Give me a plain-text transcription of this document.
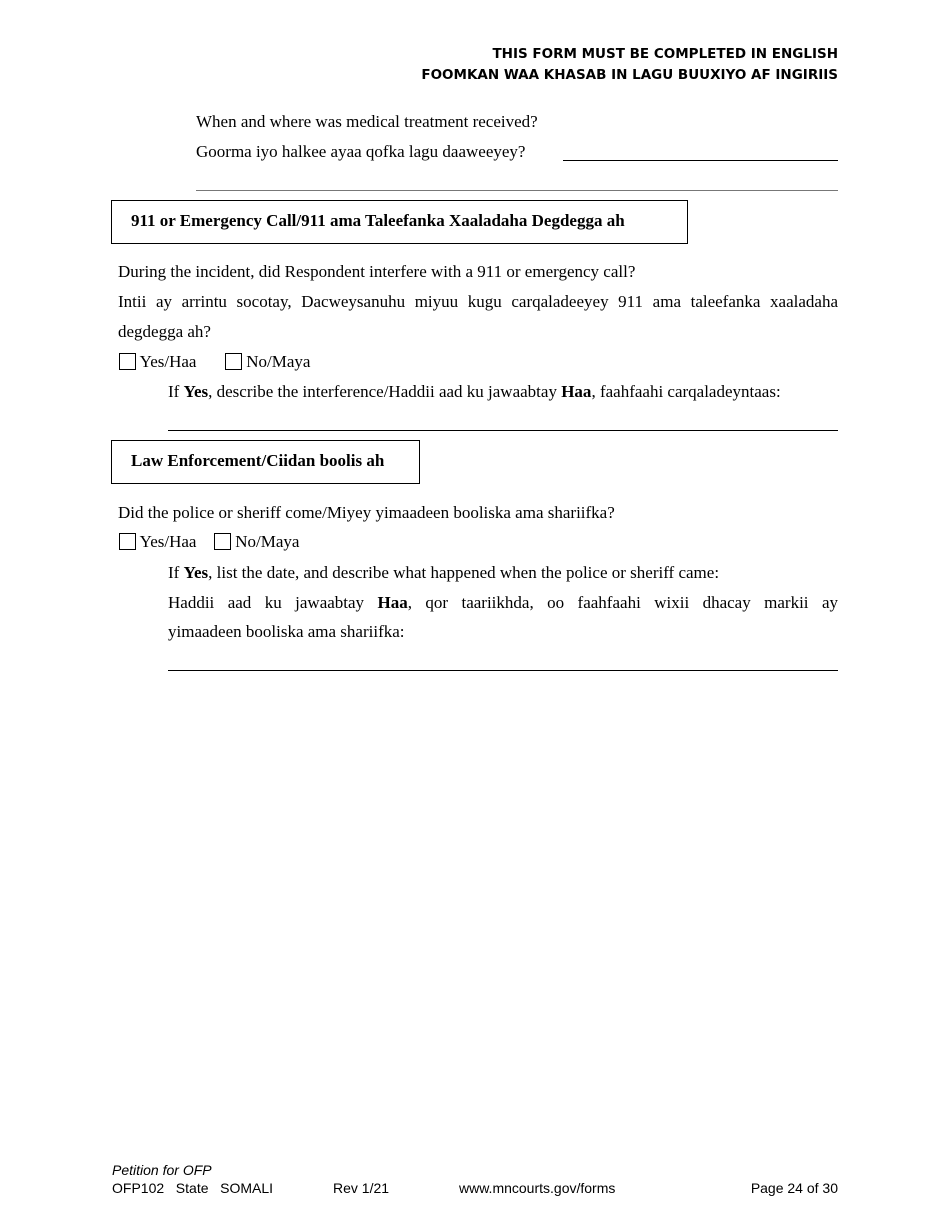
THIS FORM MUST BE COMPLETED IN ENGLISH
FOOMKAN WAA KHASAB IN LAGU BUUXIYO AF INGIRIIS
When and where was medical treatment received?
Goorma iyo halkee ayaa qofka lagu daaweeyey?
911 or Emergency Call/911 ama Taleefanka Xaaladaha Degdegga ah
During the incident, did Respondent interfere with a 911 or emergency call?
Intii ay arrintu socotay, Dacweysanuhu miyuu kugu carqaladeeyey 911 ama taleefanka xaaladaha
degdegga ah?
Yes/Haa	No/Maya
If Yes, describe the interference/Haddii aad ku jawaabtay Haa, faahfaahi carqaladeyntaas:
Law Enforcement/Ciidan boolis ah
Did the police or sheriff come/Miyey yimaadeen booliska ama shariifka?
Yes/Haa	No/Maya
If Yes, list the date, and describe what happened when the police or sheriff came:
Haddii aad ku jawaabtay Haa, qor taariikhda, oo faahfaahi wixii dhacay markii ay
yimaadeen booliska ama shariifka:
Petition for OFP
OFP102   State   SOMALI	Rev 1/21	www.mncourts.gov/forms	Page 24 of 30
